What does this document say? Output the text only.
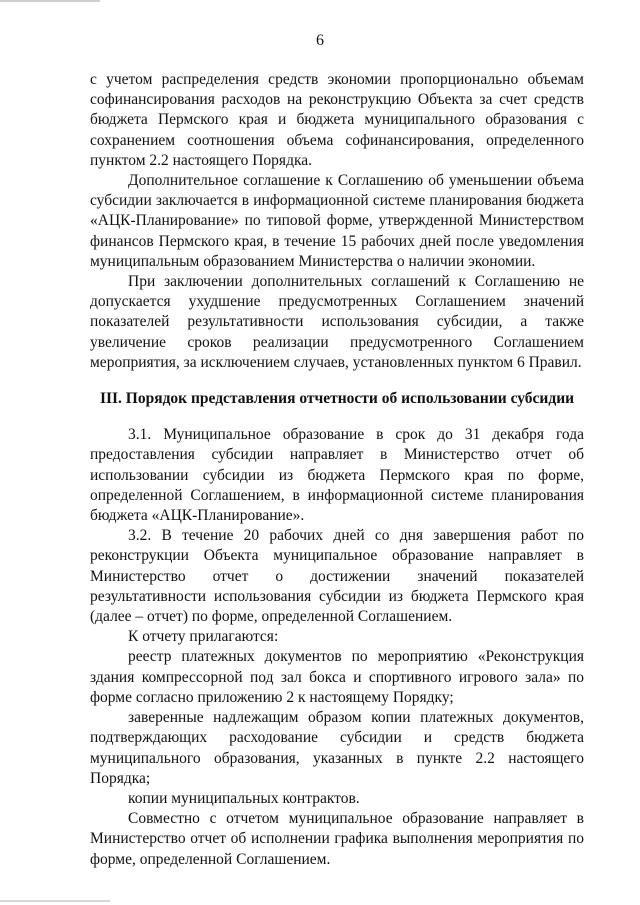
6

с учетом распределения средств экономии пропорционально объемам софинансирования расходов на реконструкцию Объекта за счет средств бюджета Пермского края и бюджета муниципального образования с сохранением соотношения объема софинансирования, определенного пунктом 2.2 настоящего Порядка.

Дополнительное соглашение к Соглашению об уменьшении объема субсидии заключается в информационной системе планирования бюджета «АЦК-Планирование» по типовой форме, утвержденной Министерством финансов Пермского края, в течение 15 рабочих дней после уведомления муниципальным образованием Министерства о наличии экономии.

При заключении дополнительных соглашений к Соглашению не допускается ухудшение предусмотренных Соглашением значений показателей результативности использования субсидии, а также увеличение сроков реализации предусмотренного Соглашением мероприятия, за исключением случаев, установленных пунктом 6 Правил.

III. Порядок представления отчетности об использовании субсидии

3.1. Муниципальное образование в срок до 31 декабря года предоставления субсидии направляет в Министерство отчет об использовании субсидии из бюджета Пермского края по форме, определенной Соглашением, в информационной системе планирования бюджета «АЦК-Планирование».

3.2. В течение 20 рабочих дней со дня завершения работ по реконструкции Объекта муниципальное образование направляет в Министерство отчет о достижении значений показателей результативности использования субсидии из бюджета Пермского края (далее – отчет) по форме, определенной Соглашением.

К отчету прилагаются:

реестр платежных документов по мероприятию «Реконструкция здания компрессорной под зал бокса и спортивного игрового зала» по форме согласно приложению 2 к настоящему Порядку;

заверенные надлежащим образом копии платежных документов, подтверждающих расходование субсидии и средств бюджета муниципального образования, указанных в пункте 2.2 настоящего Порядка;

копии муниципальных контрактов.

Совместно с отчетом муниципальное образование направляет в Министерство отчет об исполнении графика выполнения мероприятия по форме, определенной Соглашением.
